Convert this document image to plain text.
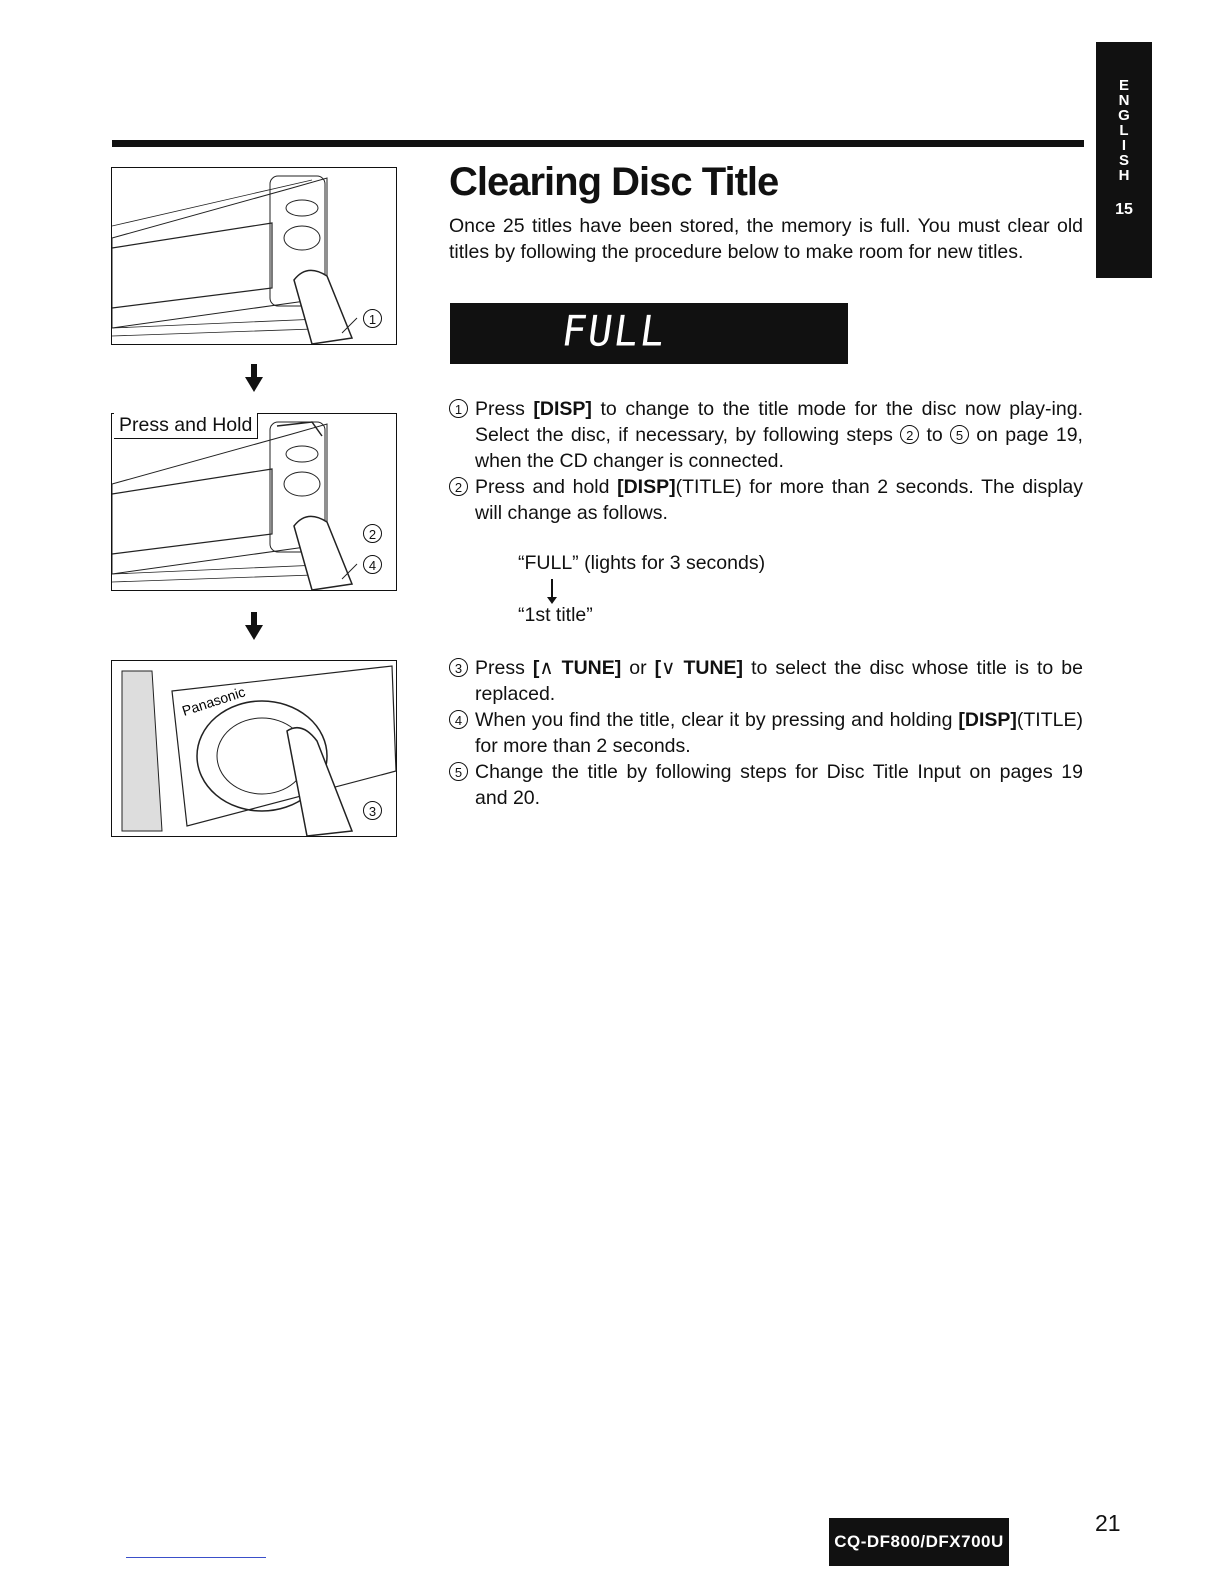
E
N
G
L
I
S
H
15
1
Press and Hold
2
4
Panasonic
3
Clearing Disc Title

Once 25 titles have been stored, the memory is full. You must clear old titles by following the procedure below to make room for new titles.

FULL
1 Press [DISP] to change to the title mode for the disc now play-ing. Select the disc, if necessary, by following steps 2 to 5 on page 19, when the CD changer is connected.
2 Press and hold [DISP](TITLE) for more than 2 seconds. The display will change as follows.
“FULL” (lights for 3 seconds)
“1st title”
3 Press [∧ TUNE] or [∨ TUNE] to select the disc whose title is to be replaced.
4 When you find the title, clear it by pressing and holding [DISP](TITLE) for more than 2 seconds.
5 Change the title by following steps for Disc Title Input on pages 19 and 20.
CQ-DF800/DFX700U
21
